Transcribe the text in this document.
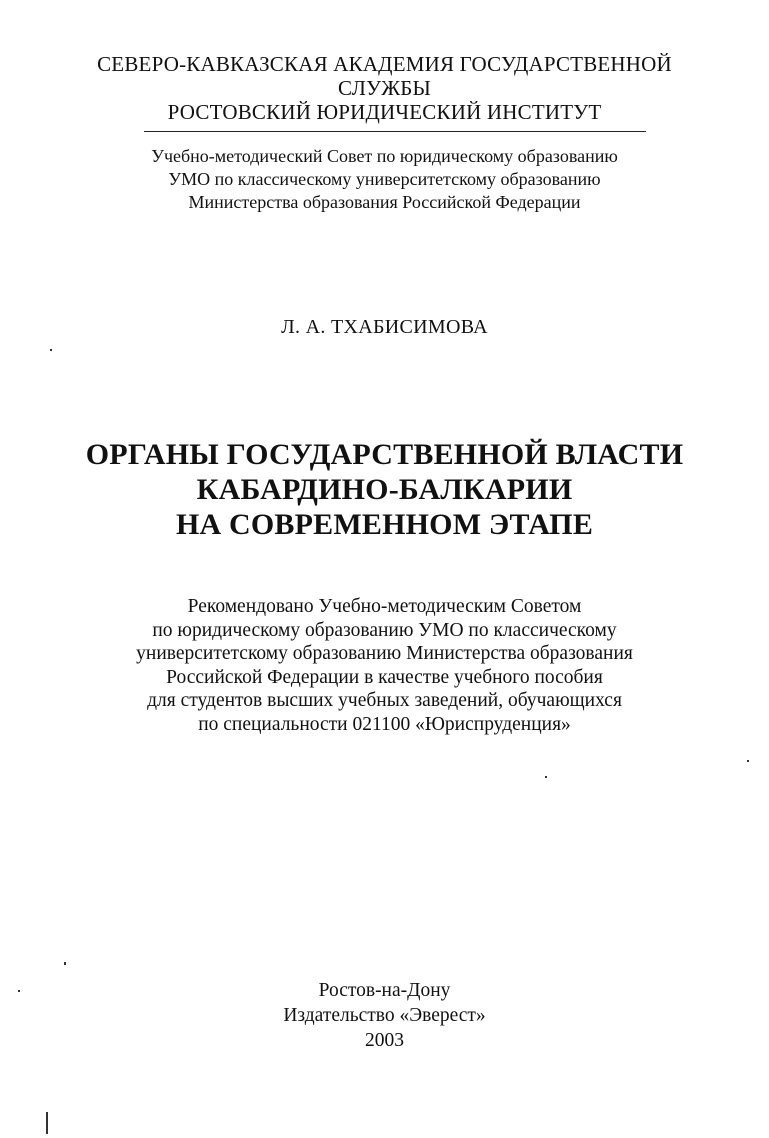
СЕВЕРО-КАВКАЗСКАЯ АКАДЕМИЯ ГОСУДАРСТВЕННОЙ
СЛУЖБЫ
РОСТОВСКИЙ ЮРИДИЧЕСКИЙ ИНСТИТУТ
Учебно-методический Совет по юридическому образованию
УМО по классическому университетскому образованию
Министерства образования Российской Федерации
Л. А. ТХАБИСИМОВА
ОРГАНЫ ГОСУДАРСТВЕННОЙ ВЛАСТИ
КАБАРДИНО-БАЛКАРИИ
НА СОВРЕМЕННОМ ЭТАПЕ
Рекомендовано Учебно-методическим Советом
по юридическому образованию УМО по классическому
университетскому образованию Министерства образования
Российской Федерации в качестве учебного пособия
для студентов высших учебных заведений, обучающихся
по специальности 021100 «Юриспруденция»
Ростов-на-Дону
Издательство «Эверест»
2003
